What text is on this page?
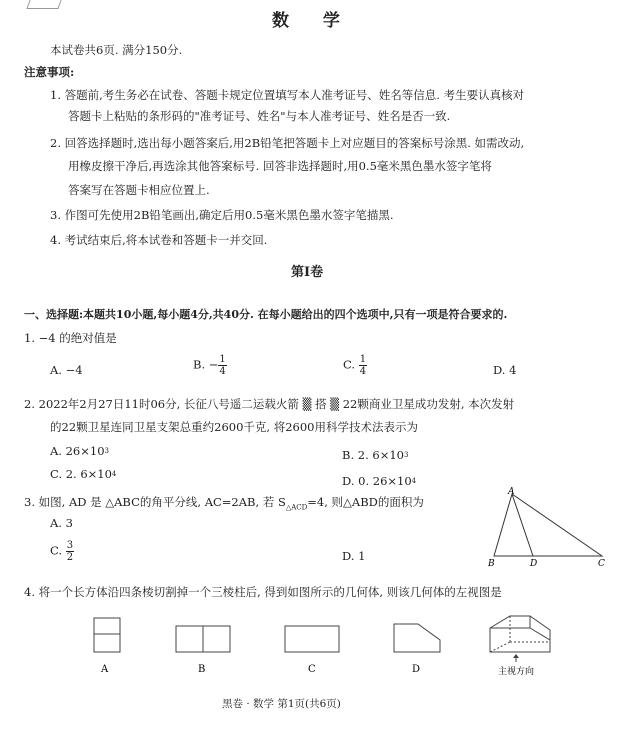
数 学
本试卷共6页. 满分150分.
注意事项:
1. 答题前,考生务必在试卷、答题卡规定位置填写本人准考证号、姓名等信息. 考生要认真核对
答题卡上粘贴的条形码的"准考证号、姓名"与本人准考证号、姓名是否一致.
2. 回答选择题时,选出每小题答案后,用2B铅笔把答题卡上对应题目的答案标号涂黑. 如需改动,
用橡皮擦干净后,再选涂其他答案标号. 回答非选择题时,用0.5毫米黑色墨水签字笔将
答案写在答题卡相应位置上.
3. 作图可先使用2B铅笔画出,确定后用0.5毫米黑色墨水签字笔描黑.
4. 考试结束后,将本试卷和答题卡一并交回.
第Ⅰ卷
一、选择题:本题共10小题,每小题4分,共40分. 在每小题给出的四个选项中,只有一项是符合要求的.
1. −4 的绝对值是
A. −4	B. − $\frac{1}{4}$	C. $\frac{1}{4}$	D. 4
2. 2022年2月27日11时06分, 长征八号遥二运载火箭 ▒ 搭 ▒ 22颗商业卫星成功发射, 本次发射
的22颗卫星连同卫星支架总重约2600千克, 将2600用科学技术法表示为
A. $26\times 10^3$	B. 2. $6\times 10^3$
C. 2. $6\times 10^4$	D. 0. $26\times 10^4$
3. 如图, AD 是 △ABC的角平分线, AC=2AB, 若 $S_{\triangle ACD}=4$, 则△ABD的面积为
A. 3
C. $\frac{3}{2}$	D. 1
A
B	D	C
4. 将一个长方体沿四条棱切割掉一个三棱柱后, 得到如图所示的几何体, 则该几何体的左视图是
A	B	C	D	主视方向
黑卷 · 数学 第1页(共6页)
